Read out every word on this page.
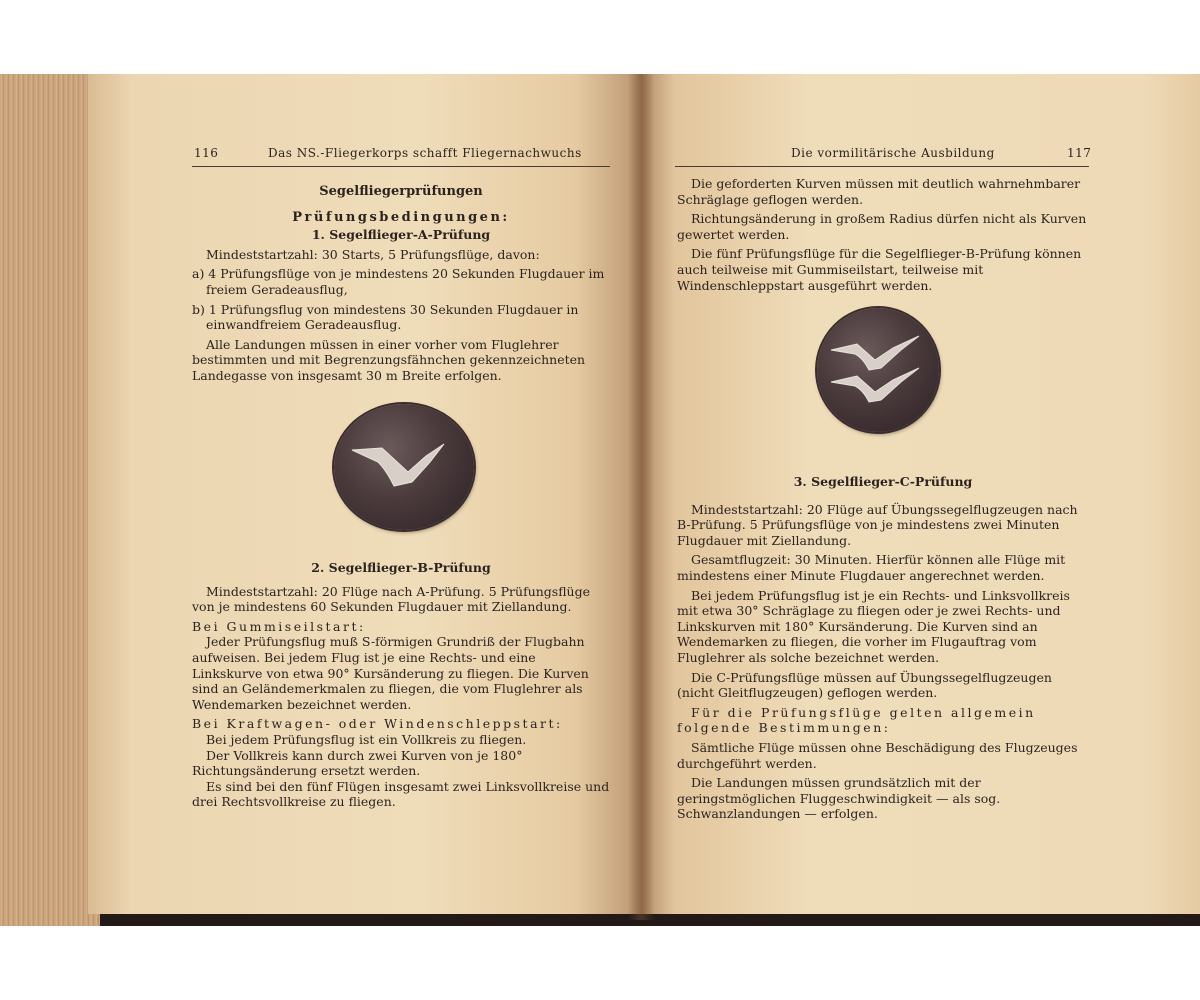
116	Das NS.-Fliegerkorps schafft Fliegernachwuchs

Segelfliegerprüfungen

Prüfungsbedingungen:

1. Segelflieger-A-Prüfung

Mindeststartzahl: 30 Starts, 5 Prüfungsflüge, davon:

a) 4 Prüfungsflüge von je mindestens 20 Sekunden Flugdauer im freiem Geradeausflug,

b) 1 Prüfungsflug von mindestens 30 Sekunden Flugdauer in einwandfreiem Geradeausflug.

Alle Landungen müssen in einer vorher vom Fluglehrer bestimmten und mit Begrenzungsfähnchen gekennzeichneten Landegasse von insgesamt 30 m Breite erfolgen.

2. Segelflieger-B-Prüfung

Mindeststartzahl: 20 Flüge nach A-Prüfung. 5 Prüfungsflüge von je mindestens 60 Sekunden Flugdauer mit Ziellandung.

Bei Gummiseilstart:

Jeder Prüfungsflug muß S-förmigen Grundriß der Flugbahn aufweisen. Bei jedem Flug ist je eine Rechts- und eine Linkskurve von etwa 90° Kursänderung zu fliegen. Die Kurven sind an Geländemerkmalen zu fliegen, die vom Fluglehrer als Wendemarken bezeichnet werden.

Bei Kraftwagen- oder Windenschleppstart:

Bei jedem Prüfungsflug ist ein Vollkreis zu fliegen.

Der Vollkreis kann durch zwei Kurven von je 180° Richtungsänderung ersetzt werden.

Es sind bei den fünf Flügen insgesamt zwei Linksvollkreise und drei Rechtsvollkreise zu fliegen.

Die vormilitärische Ausbildung	117

Die geforderten Kurven müssen mit deutlich wahrnehmbarer Schräglage geflogen werden.

Richtungsänderung in großem Radius dürfen nicht als Kurven gewertet werden.

Die fünf Prüfungsflüge für die Segelflieger-B-Prüfung können auch teilweise mit Gummiseilstart, teilweise mit Windenschleppstart ausgeführt werden.

3. Segelflieger-C-Prüfung

Mindeststartzahl: 20 Flüge auf Übungssegelflugzeugen nach B-Prüfung. 5 Prüfungsflüge von je mindestens zwei Minuten Flugdauer mit Ziellandung.

Gesamtflugzeit: 30 Minuten. Hierfür können alle Flüge mit mindestens einer Minute Flugdauer angerechnet werden.

Bei jedem Prüfungsflug ist je ein Rechts- und Linksvollkreis mit etwa 30° Schräglage zu fliegen oder je zwei Rechts- und Linkskurven mit 180° Kursänderung. Die Kurven sind an Wendemarken zu fliegen, die vorher im Flugauftrag vom Fluglehrer als solche bezeichnet werden.

Die C-Prüfungsflüge müssen auf Übungssegelflugzeugen (nicht Gleitflugzeugen) geflogen werden.

Für die Prüfungsflüge gelten allgemein folgende Bestimmungen:

Sämtliche Flüge müssen ohne Beschädigung des Flugzeuges durchgeführt werden.

Die Landungen müssen grundsätzlich mit der geringstmöglichen Fluggeschwindigkeit — als sog. Schwanzlandungen — erfolgen.
